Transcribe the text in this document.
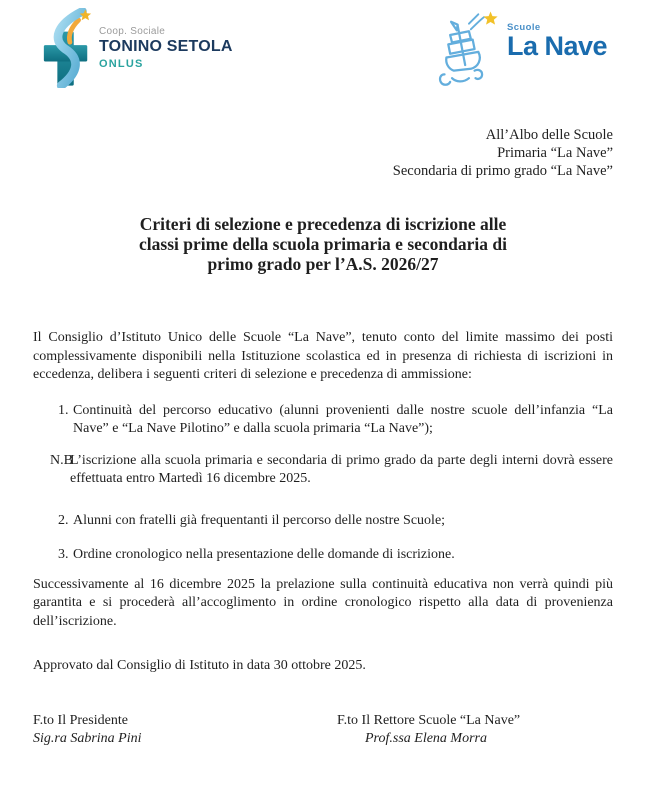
Coop. Sociale
TONINO SETOLA
ONLUS
Scuole
La Nave
All’Albo delle Scuole
Primaria “La Nave”
Secondaria di primo grado “La Nave”
Criteri di selezione e precedenza di iscrizione alle
classi prime della scuola primaria e secondaria di
primo grado per l’A.S. 2026/27
Il Consiglio d’Istituto Unico delle Scuole “La Nave”, tenuto conto del limite massimo dei posti complessivamente disponibili nella Istituzione scolastica ed in presenza di richiesta di iscrizioni in eccedenza, delibera i seguenti criteri di selezione e precedenza di ammissione:
1. Continuità del percorso educativo (alunni provenienti dalle nostre scuole dell’infanzia “La Nave” e “La Nave Pilotino” e dalla scuola primaria “La Nave”);
N.B
L’iscrizione alla scuola primaria e secondaria di primo grado da parte degli interni dovrà essere effettuata entro Martedì 16 dicembre 2025.
2. Alunni con fratelli già frequentanti il percorso delle nostre Scuole;
3. Ordine cronologico nella presentazione delle domande di iscrizione.
Successivamente al 16 dicembre 2025 la prelazione sulla continuità educativa non verrà quindi più garantita e si procederà all’accoglimento in ordine cronologico rispetto alla data di provenienza dell’iscrizione.
Approvato dal Consiglio di Istituto in data 30 ottobre 2025.
F.to Il Presidente
Sig.ra Sabrina Pini
F.to Il Rettore Scuole “La Nave”
Prof.ssa Elena Morra
